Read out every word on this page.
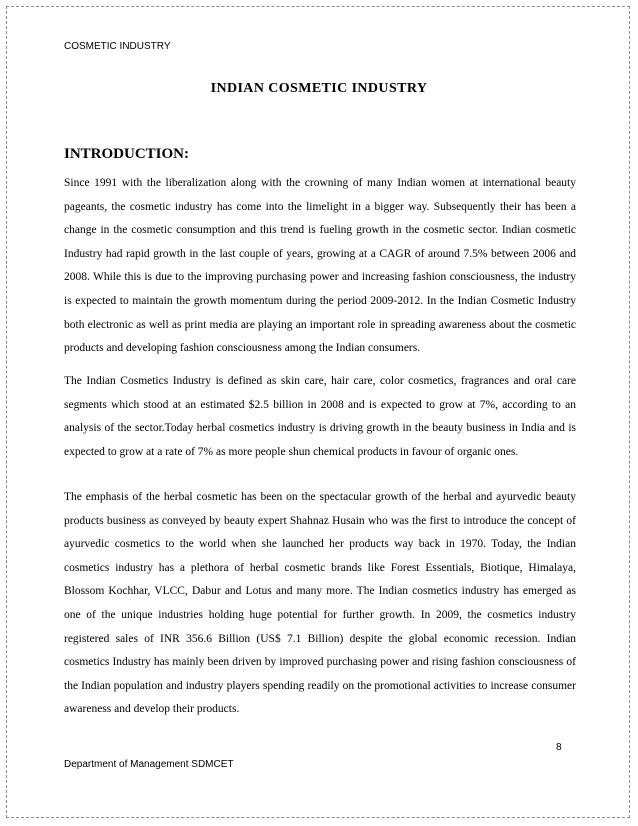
COSMETIC INDUSTRY
INDIAN COSMETIC INDUSTRY
INTRODUCTION:

Since 1991 with the liberalization along with the crowning of many Indian women at international beauty pageants, the cosmetic industry has come into the limelight in a bigger way. Subsequently their has been a change in the cosmetic consumption and this trend is fueling growth in the cosmetic sector. Indian cosmetic Industry had rapid growth in the last couple of years, growing at a CAGR of around 7.5% between 2006 and 2008. While this is due to the improving purchasing power and increasing fashion consciousness, the industry is expected to maintain the growth momentum during the period 2009-2012. In the Indian Cosmetic Industry both electronic as well as print media are playing an important role in spreading awareness about the cosmetic products and developing fashion consciousness among the Indian consumers.

The Indian Cosmetics Industry is defined as skin care, hair care, color cosmetics, fragrances and oral care segments which stood at an estimated $2.5 billion in 2008 and is expected to grow at 7%, according to an analysis of the sector.Today herbal cosmetics industry is driving growth in the beauty business in India and is expected to grow at a rate of 7% as more people shun chemical products in favour of organic ones.

The emphasis of the herbal cosmetic has been on the spectacular growth of the herbal and ayurvedic beauty products business as conveyed by beauty expert Shahnaz Husain who was the first to introduce the concept of ayurvedic cosmetics to the world when she launched her products way back in 1970. Today, the Indian cosmetics industry has a plethora of herbal cosmetic brands like Forest Essentials, Biotique, Himalaya, Blossom Kochhar, VLCC, Dabur and Lotus and many more. The Indian cosmetics industry has emerged as one of the unique industries holding huge potential for further growth. In 2009, the cosmetics industry registered sales of INR 356.6 Billion (US$ 7.1 Billion) despite the global economic recession. Indian cosmetics Industry has mainly been driven by improved purchasing power and rising fashion consciousness of the Indian population and industry players spending readily on the promotional activities to increase consumer awareness and develop their products.

8
Department of Management SDMCET
